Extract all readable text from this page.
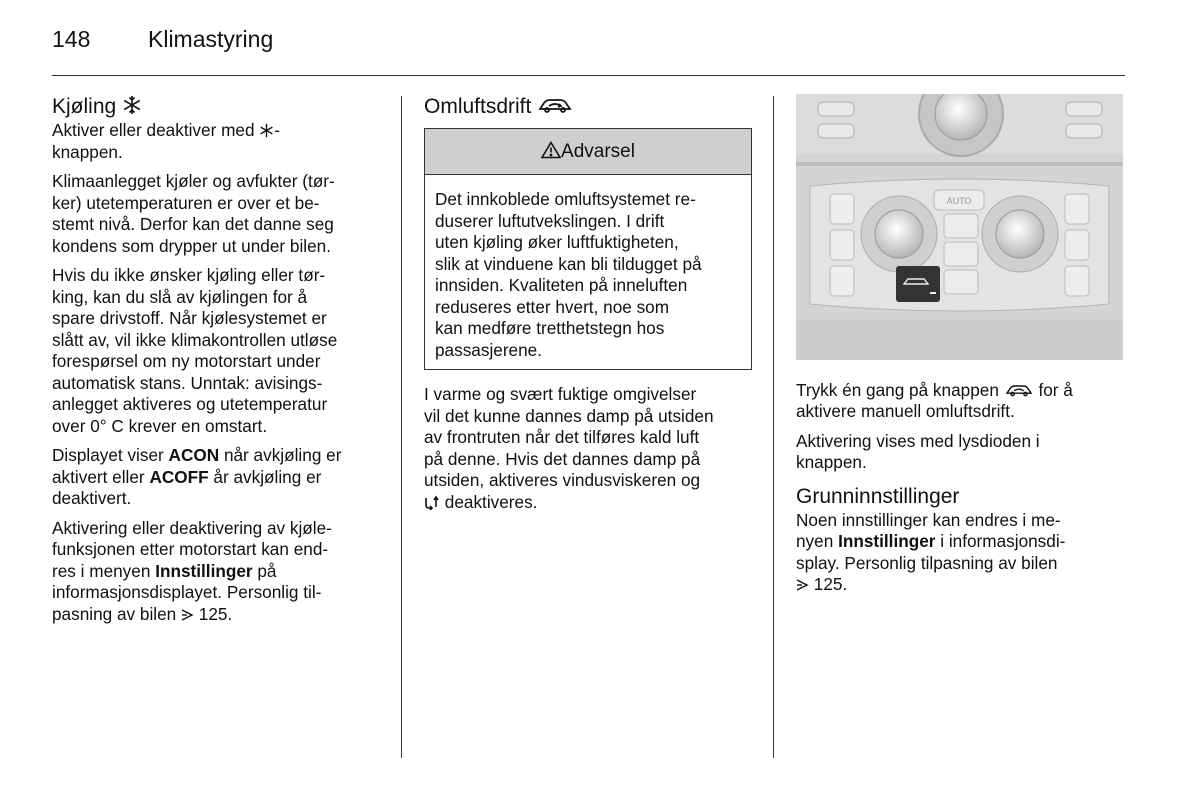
148	Klimastyring
Kjøling

Aktiver eller deaktiver med -
knappen.

Klimaanlegget kjøler og avfukter (tør-
ker) utetemperaturen er over et be-
stemt nivå. Derfor kan det danne seg
kondens som drypper ut under bilen.

Hvis du ikke ønsker kjøling eller tør-
king, kan du slå av kjølingen for å
spare drivstoff. Når kjølesystemet er
slått av, vil ikke klimakontrollen utløse
forespørsel om ny motorstart under
automatisk stans. Unntak: avisings-
anlegget aktiveres og utetemperatur
over 0° C krever en omstart.

Displayet viser ACON når avkjøling er
aktivert eller ACOFF år avkjøling er
deaktivert.

Aktivering eller deaktivering av kjøle-
funksjonen etter motorstart kan end-
res i menyen Innstillinger på
informasjonsdisplayet. Personlig til-
pasning av bilen 125.

Omluftsdrift
Advarsel
Det innkoblede omluftsystemet re-
duserer luftutvekslingen. I drift
uten kjøling øker luftfuktigheten,
slik at vinduene kan bli tildugget på
innsiden. Kvaliteten på inneluften
reduseres etter hvert, noe som
kan medføre tretthetstegn hos
passasjerene.

I varme og svært fuktige omgivelser
vil det kunne dannes damp på utsiden
av frontruten når det tilføres kald luft
på denne. Hvis det dannes damp på
utsiden, aktiveres vindusviskeren og
deaktiveres.

AUTO

Trykk én gang på knappen for å
aktivere manuell omluftsdrift.

Aktivering vises med lysdioden i
knappen.

Grunninnstillinger

Noen innstillinger kan endres i me-
nyen Innstillinger i informasjonsdi-
splay. Personlig tilpasning av bilen
125.
